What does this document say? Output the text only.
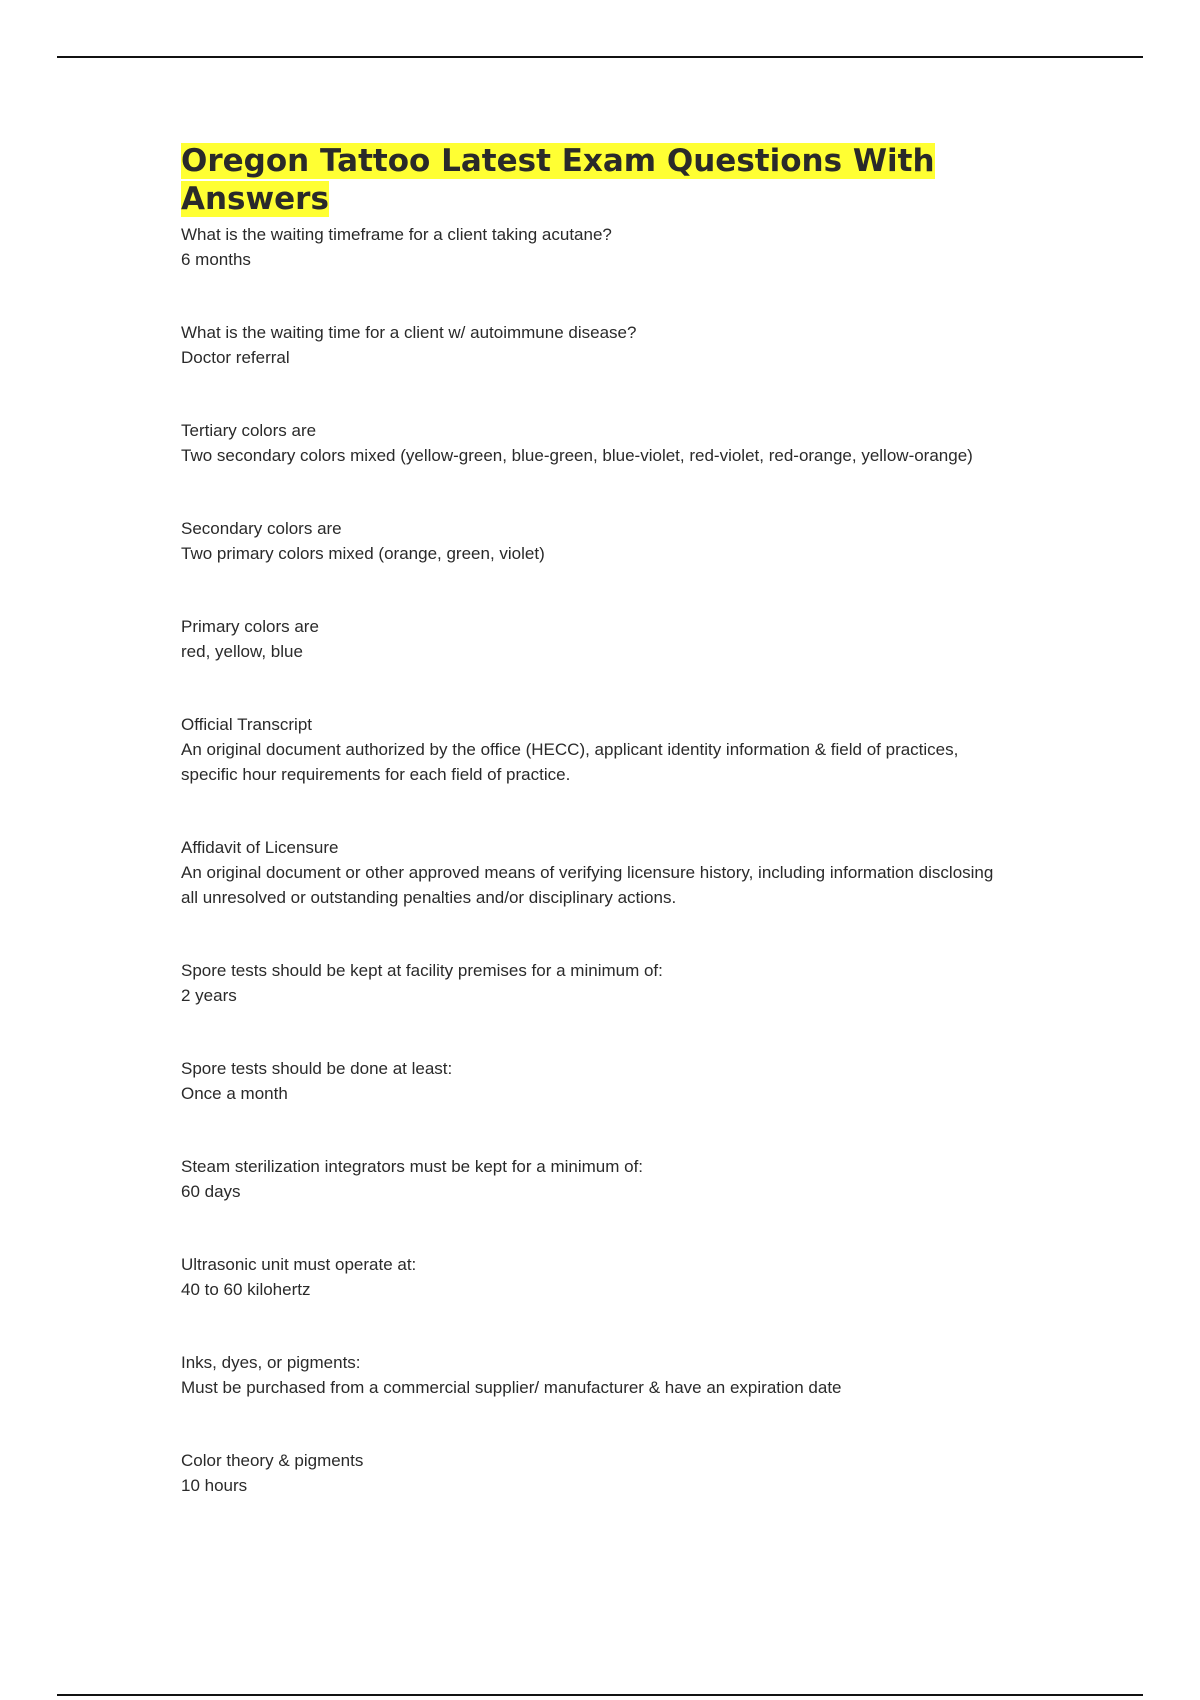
Oregon Tattoo Latest Exam Questions With Answers
What is the waiting timeframe for a client taking acutane?
6 months
What is the waiting time for a client w/ autoimmune disease?
Doctor referral
Tertiary colors are
Two secondary colors mixed (yellow-green, blue-green, blue-violet, red-violet, red-orange, yellow-orange)
Secondary colors are
Two primary colors mixed (orange, green, violet)
Primary colors are
red, yellow, blue
Official Transcript
An original document authorized by the office (HECC), applicant identity information & field of practices, specific hour requirements for each field of practice.
Affidavit of Licensure
An original document or other approved means of verifying licensure history, including information disclosing all unresolved or outstanding penalties and/or disciplinary actions.
Spore tests should be kept at facility premises for a minimum of:
2 years
Spore tests should be done at least:
Once a month
Steam sterilization integrators must be kept for a minimum of:
60 days
Ultrasonic unit must operate at:
40 to 60 kilohertz
Inks, dyes, or pigments:
Must be purchased from a commercial supplier/ manufacturer & have an expiration date
Color theory & pigments
10 hours
